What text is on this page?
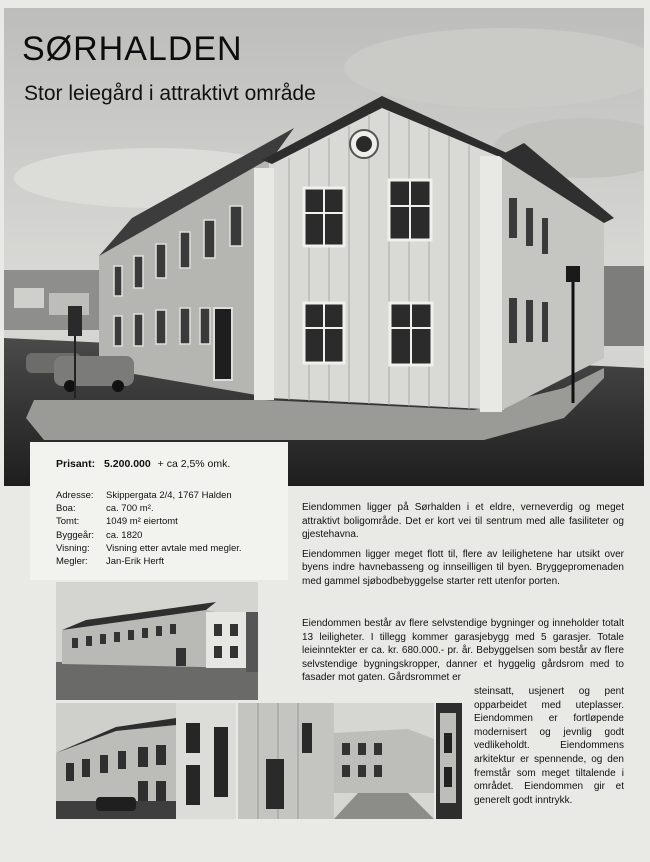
SØRHALDEN
Stor leiegård i attraktivt område
Prisant: 5.200.000 + ca 2,5% omk.
Adresse:	Skippergata 2/4, 1767 Halden
Boa:	ca. 700 m².
Tomt:	1049 m² eiertomt
Byggeår:	ca. 1820
Visning:	Visning etter avtale med megler.
Megler:	Jan-Erik Herft

Eiendommen ligger på Sørhalden i et eldre, verneverdig og meget attraktivt boligområde. Det er kort vei til sentrum med alle fasiliteter og gjestehavna.

Eiendommen ligger meget flott til, flere av leilighetene har utsikt over byens indre havnebasseng og innseilligen til byen. Bryggepromenaden med gammel sjøbodbebyggelse starter rett utenfor porten.

Eiendommen består av flere selvstendige bygninger og inneholder totalt 13 leiligheter. I tillegg kommer garasjebygg med 5 garasjer. Totale leieinntekter er ca. kr. 680.000.- pr. år. Bebyggelsen som består av flere selvstendige bygningskropper, danner et hyggelig gårdsrom med to fasader mot gaten. Gårdsrommet er

steinsatt, usjenert og pent opparbeidet med uteplasser. Eiendommen er fortløpende modernisert og jevnlig godt vedlikeholdt. Eiendommens arkitektur er spennende, og den fremstår som meget tiltalende i området. Eiendommen gir et generelt godt inntrykk.
